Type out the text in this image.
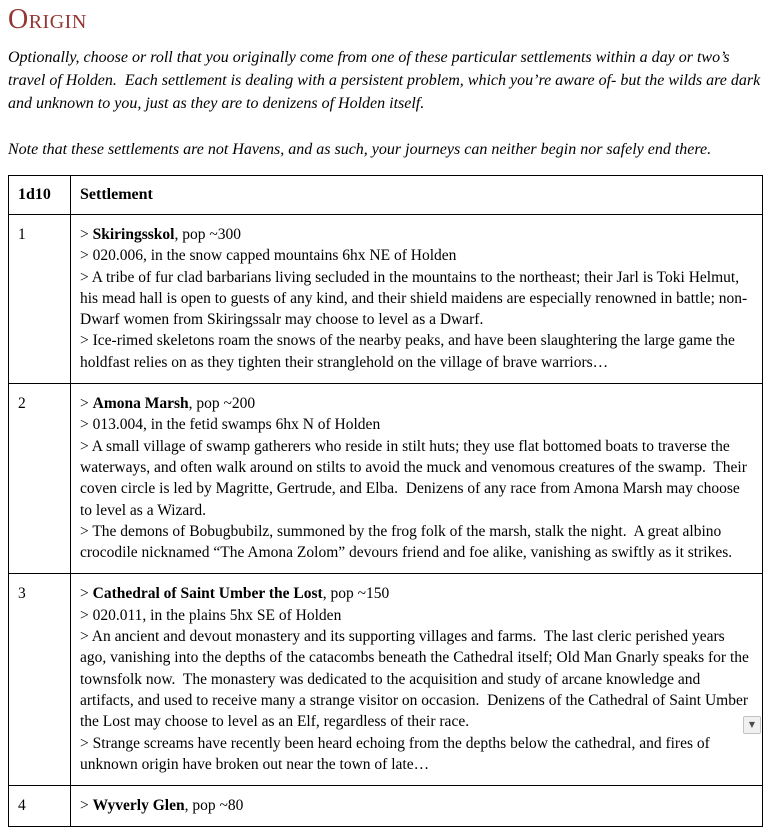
Origin

Optionally, choose or roll that you originally come from one of these particular settlements within a day or two’s travel of Holden.  Each settlement is dealing with a persistent problem, which you’re aware of- but the wilds are dark and unknown to you, just as they are to denizens of Holden itself.

Note that these settlements are not Havens, and as such, your journeys can neither begin nor safely end there.

1d10	Settlement
1	> Skiringsskol, pop ~300

> 020.006, in the snow capped mountains 6hx NE of Holden

> A tribe of fur clad barbarians living secluded in the mountains to the northeast; their Jarl is Toki Helmut, his mead hall is open to guests of any kind, and their shield maidens are especially renowned in battle; non-Dwarf women from Skiringssalr may choose to level as a Dwarf.

> Ice-rimed skeletons roam the snows of the nearby peaks, and have been slaughtering the large game the holdfast relies on as they tighten their stranglehold on the village of brave warriors…

2	> Amona Marsh, pop ~200

> 013.004, in the fetid swamps 6hx N of Holden

> A small village of swamp gatherers who reside in stilt huts; they use flat bottomed boats to traverse the waterways, and often walk around on stilts to avoid the muck and venomous creatures of the swamp.  Their coven circle is led by Magritte, Gertrude, and Elba.  Denizens of any race from Amona Marsh may choose to level as a Wizard.

> The demons of Bobugbubilz, summoned by the frog folk of the marsh, stalk the night.  A great albino crocodile nicknamed “The Amona Zolom” devours friend and foe alike, vanishing as swiftly as it strikes.

3	> Cathedral of Saint Umber the Lost, pop ~150

> 020.011, in the plains 5hx SE of Holden

> An ancient and devout monastery and its supporting villages and farms.  The last cleric perished years ago, vanishing into the depths of the catacombs beneath the Cathedral itself; Old Man Gnarly speaks for the townsfolk now.  The monastery was dedicated to the acquisition and study of arcane knowledge and artifacts, and used to receive many a strange visitor on occasion.  Denizens of the Cathedral of Saint Umber the Lost may choose to level as an Elf, regardless of their race.

> Strange screams have recently been heard echoing from the depths below the cathedral, and fires of unknown origin have broken out near the town of late…

4	> Wyverly Glen, pop ~80

▼
